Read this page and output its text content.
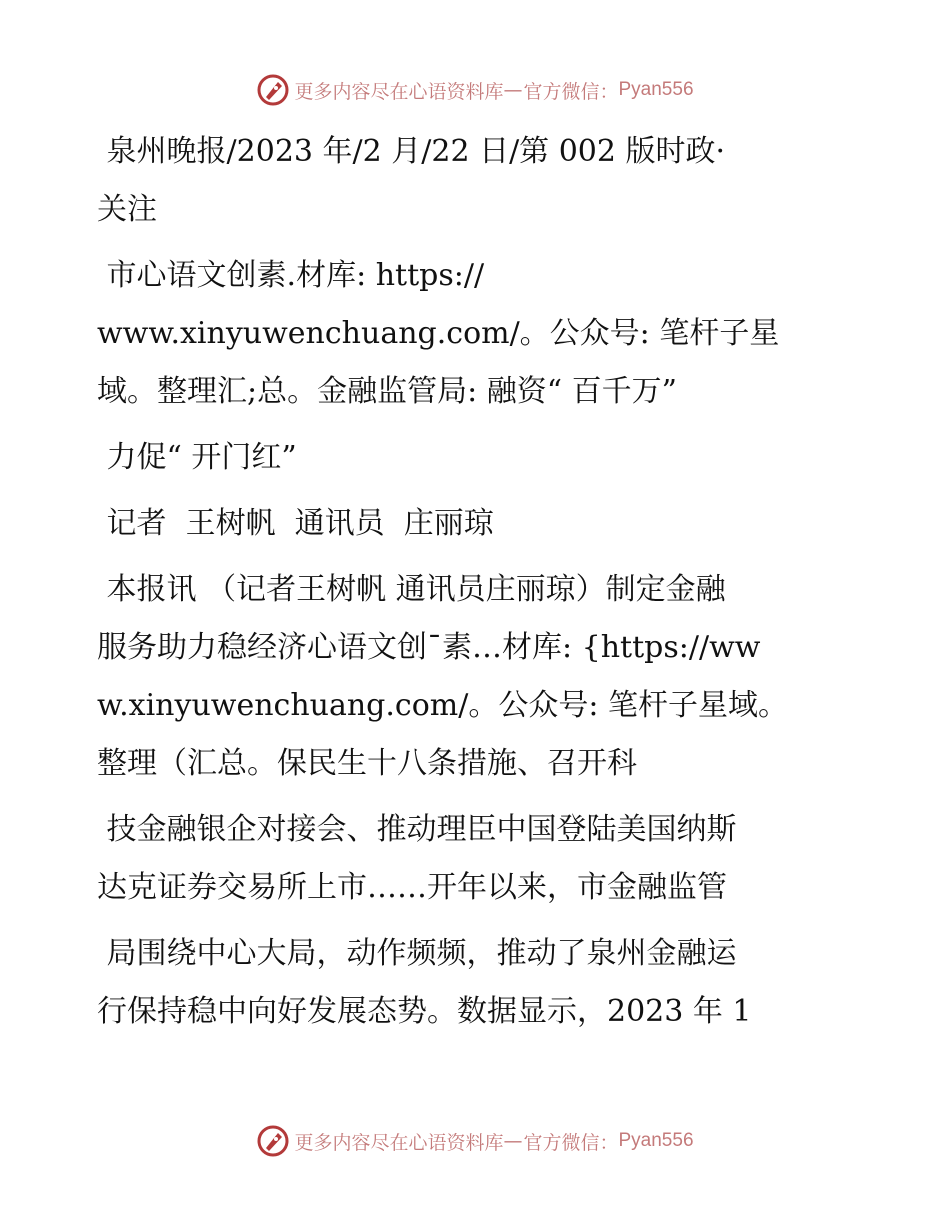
更多内容尽在心语资料库 — 官方微信： Pyan556
泉州晚报/2023 年/2 月/22 日/第 002 版时政·
关注
市心语文创素.材库: https://
www.xinyuwenchuang.com/。公众号: 笔杆子星
域。整理汇;总。金融监管局: 融资“ 百千万”
力促“ 开门红”
记者  王树帆  通讯员  庄丽琼
本报讯 （记者王树帆 通讯员庄丽琼）制定金融
服务助力稳经济心语文创¯素…材库: {https://ww
w.xinyuwenchuang.com/。公众号: 笔杆子星域。
整理（汇总。保民生十八条措施、召开科
技金融银企对接会、推动理臣中国登陆美国纳斯
达克证券交易所上市……开年以来，市金融监管
局围绕中心大局，动作频频，推动了泉州金融运
行保持稳中向好发展态势。数据显示，2023 年 1
更多内容尽在心语资料库 — 官方微信： Pyan556
